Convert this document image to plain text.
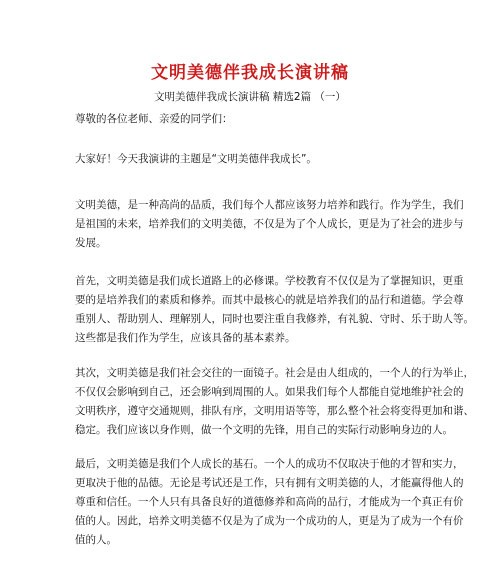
文明美德伴我成长演讲稿
文明美德伴我成长演讲稿 精选2篇 （一）
尊敬的各位老师、亲爱的同学们：
大家好！今天我演讲的主题是“文明美德伴我成长”。
文明美德，是一种高尚的品质，我们每个人都应该努力培养和践行。作为学生，我们
是祖国的未来，培养我们的文明美德，不仅是为了个人成长，更是为了社会的进步与
发展。
首先，文明美德是我们成长道路上的必修课。学校教育不仅仅是为了掌握知识，更重
要的是培养我们的素质和修养。而其中最核心的就是培养我们的品行和道德。学会尊
重别人、帮助别人、理解别人，同时也要注重自我修养，有礼貌、守时、乐于助人等。
这些都是我们作为学生，应该具备的基本素养。
其次，文明美德是我们社会交往的一面镜子。社会是由人组成的，一个人的行为举止，
不仅仅会影响到自己，还会影响到周围的人。如果我们每个人都能自觉地维护社会的
文明秩序，遵守交通规则，排队有序，文明用语等等，那么整个社会将变得更加和谐、
稳定。我们应该以身作则，做一个文明的先锋，用自己的实际行动影响身边的人。
最后，文明美德是我们个人成长的基石。一个人的成功不仅取决于他的才智和实力，
更取决于他的品德。无论是考试还是工作，只有拥有文明美德的人，才能赢得他人的
尊重和信任。一个人只有具备良好的道德修养和高尚的品行，才能成为一个真正有价
值的人。因此，培养文明美德不仅是为了成为一个成功的人，更是为了成为一个有价
值的人。
